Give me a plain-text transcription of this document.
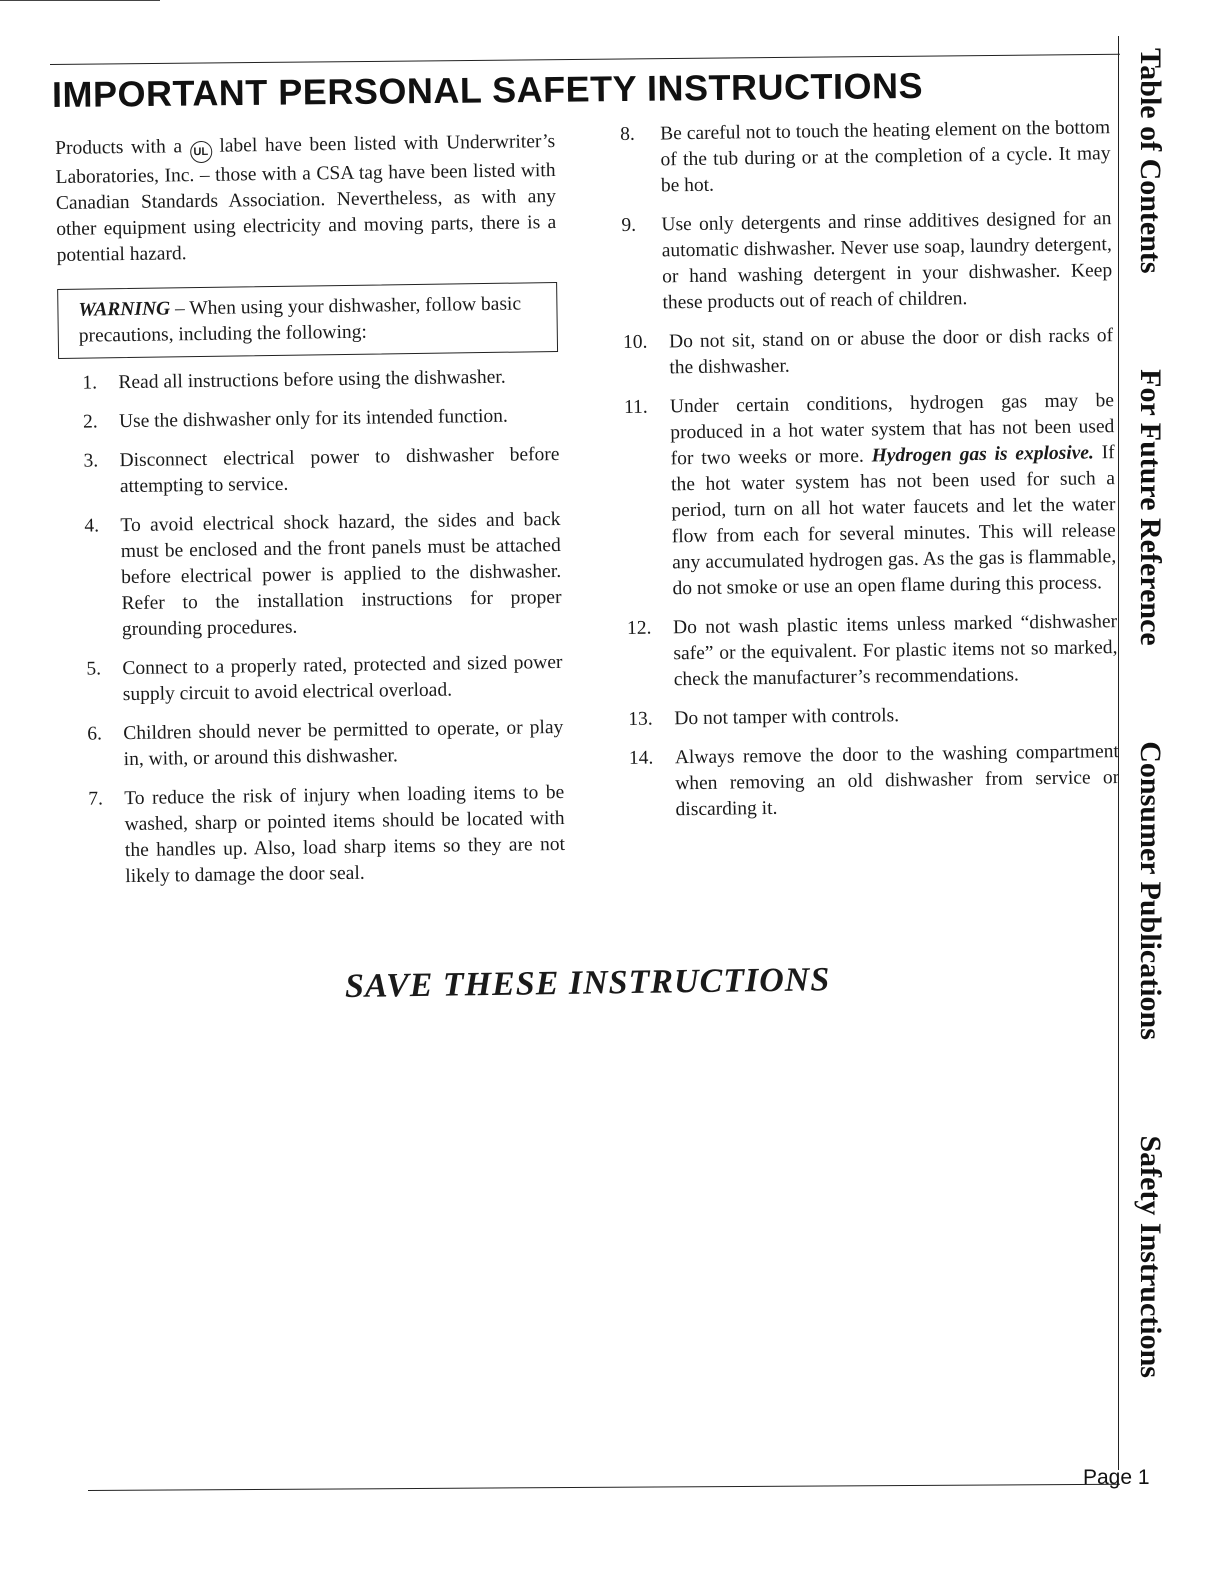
IMPORTANT PERSONAL SAFETY INSTRUCTIONS

Products with a UL label have been listed with Underwriter’s Laboratories, Inc. – those with a CSA tag have been listed with Canadian Standards Association. Nevertheless, as with any other equipment using electricity and moving parts, there is a potential hazard.

WARNING – When using your dishwasher, follow basic precautions, including the following:
1. Read all instructions before using the dishwasher.
2. Use the dishwasher only for its intended function.
3. Disconnect electrical power to dishwasher before attempting to service.
4. To avoid electrical shock hazard, the sides and back must be enclosed and the front panels must be attached before electrical power is applied to the dishwasher. Refer to the installation instructions for proper grounding procedures.
5. Connect to a properly rated, protected and sized power supply circuit to avoid electrical overload.
6. Children should never be permitted to operate, or play in, with, or around this dishwasher.
7. To reduce the risk of injury when loading items to be washed, sharp or pointed items should be located with the handles up. Also, load sharp items so they are not likely to damage the door seal.
8. Be careful not to touch the heating element on the bottom of the tub during or at the completion of a cycle. It may be hot.
9. Use only detergents and rinse additives designed for an automatic dishwasher. Never use soap, laundry detergent, or hand washing detergent in your dishwasher. Keep these products out of reach of children.
10. Do not sit, stand on or abuse the door or dish racks of the dishwasher.
11. Under certain conditions, hydrogen gas may be produced in a hot water system that has not been used for two weeks or more. Hydrogen gas is explosive. If the hot water system has not been used for such a period, turn on all hot water faucets and let the water flow from each for several minutes. This will release any accumulated hydrogen gas. As the gas is flammable, do not smoke or use an open flame during this process.
12. Do not wash plastic items unless marked “dishwasher safe” or the equivalent. For plastic items not so marked, check the manufacturer’s recommendations.
13. Do not tamper with controls.
14. Always remove the door to the washing compartment when removing an old dishwasher from service or discarding it.
SAVE THESE INSTRUCTIONS
Table of Contents
For Future Reference
Consumer Publications
Safety Instructions
Page 1
